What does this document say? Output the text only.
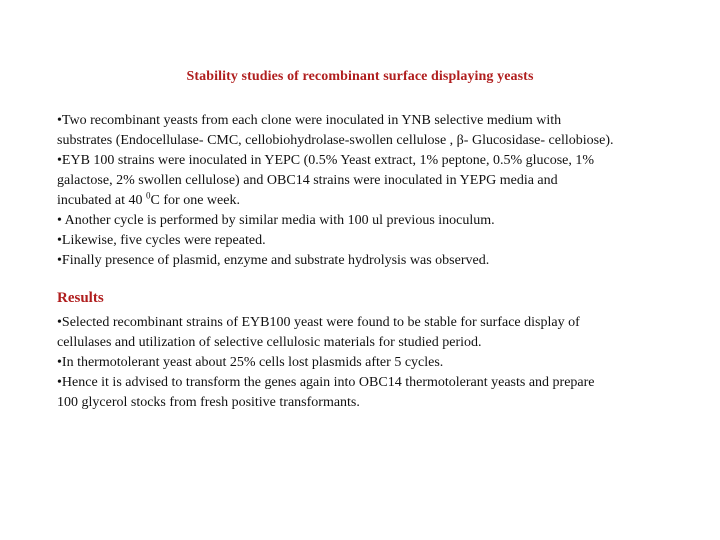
Stability studies of recombinant surface displaying yeasts
•Two recombinant yeasts from each clone were inoculated in YNB selective medium with
substrates (Endocellulase- CMC, cellobiohydrolase-swollen cellulose , β- Glucosidase- cellobiose).
•EYB 100 strains were inoculated in YEPC (0.5% Yeast extract, 1% peptone, 0.5% glucose, 1%
galactose, 2% swollen cellulose) and OBC14 strains were inoculated in YEPG media and
incubated at 40 $^0$C for one week.
• Another cycle is performed by similar media with 100 ul previous inoculum.
•Likewise, five cycles were repeated.
•Finally presence of plasmid, enzyme and substrate hydrolysis was observed.
Results
•Selected recombinant strains of EYB100 yeast were found to be stable for surface display of
cellulases and utilization of selective cellulosic materials for studied period.
•In thermotolerant yeast about 25% cells lost plasmids after 5 cycles.
•Hence it is advised to transform the genes again into OBC14 thermotolerant yeasts and prepare
100 glycerol stocks from fresh positive transformants.
